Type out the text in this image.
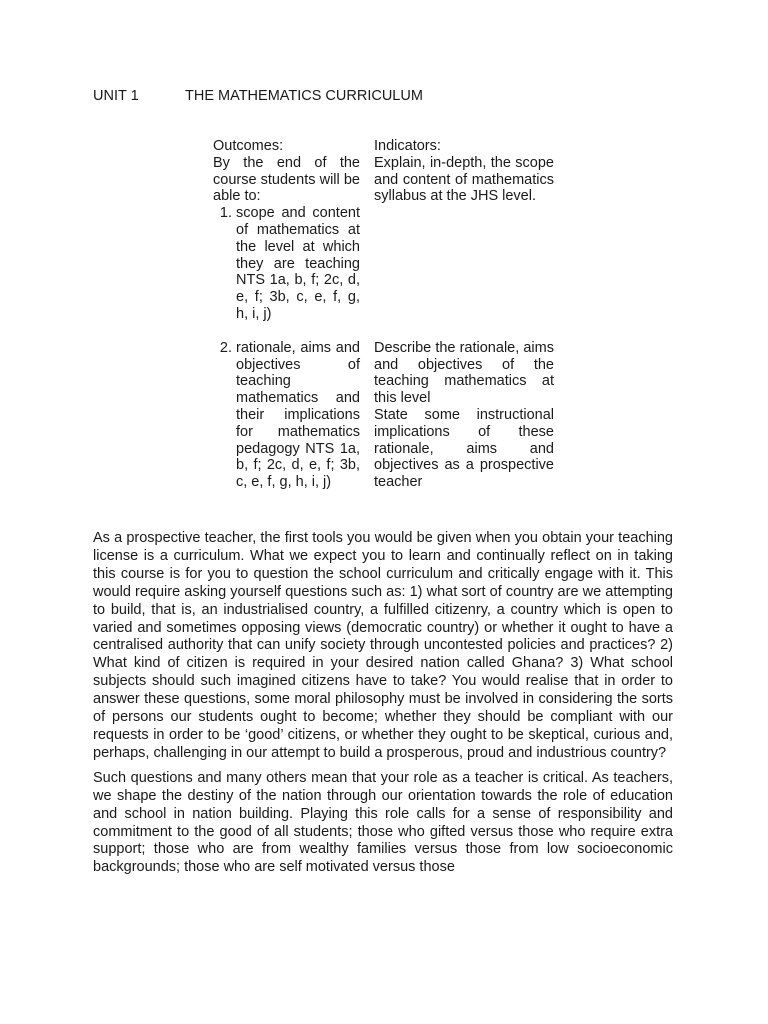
UNIT 1	THE MATHEMATICS CURRICULUM

Outcomes:

By the end of the course students will be able to:

1. scope and content of mathematics at the level at which they are teaching NTS 1a, b, f; 2c, d, e, f; 3b, c, e, f, g, h, i, j)

Indicators:

Explain, in-depth, the scope and content of mathematics syllabus at the JHS level.

2. rationale, aims and objectives of teaching mathematics and their implications for mathematics pedagogy NTS 1a, b, f; 2c, d, e, f; 3b, c, e, f, g, h, i, j)

Describe the rationale, aims and objectives of the teaching mathematics at this level

State some instructional implications of these rationale, aims and objectives as a prospective teacher

As a prospective teacher, the first tools you would be given when you obtain your teaching license is a curriculum. What we expect you to learn and continually reflect on in taking this course is for you to question the school curriculum and critically engage with it. This would require asking yourself questions such as: 1) what sort of country are we attempting to build, that is, an industrialised country, a fulfilled citizenry, a country which is open to varied and sometimes opposing views (democratic country) or whether it ought to have a centralised authority that can unify society through uncontested policies and practices? 2) What kind of citizen is required in your desired nation called Ghana? 3) What school subjects should such imagined citizens have to take? You would realise that in order to answer these questions, some moral philosophy must be involved in considering the sorts of persons our students ought to become; whether they should be compliant with our requests in order to be ‘good’ citizens, or whether they ought to be skeptical, curious and, perhaps, challenging in our attempt to build a prosperous, proud and industrious country?

Such questions and many others mean that your role as a teacher is critical. As teachers, we shape the destiny of the nation through our orientation towards the role of education and school in nation building. Playing this role calls for a sense of responsibility and commitment to the good of all students; those who gifted versus those who require extra support; those who are from wealthy families versus those from low socioeconomic backgrounds; those who are self motivated versus those
